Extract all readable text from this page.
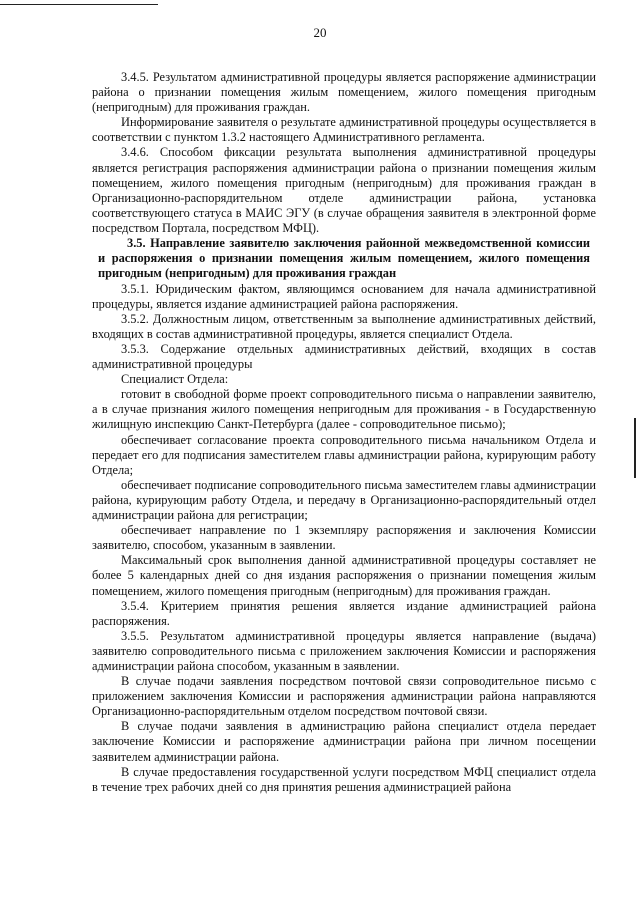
20

3.4.5. Результатом административной процедуры является распоряжение администрации района о признании помещения жилым помещением, жилого помещения пригодным (непригодным) для проживания граждан.

Информирование заявителя о результате административной процедуры осуществляется в соответствии с пунктом 1.3.2 настоящего Административного регламента.

3.4.6. Способом фиксации результата выполнения административной процедуры является регистрация распоряжения администрации района о признании помещения жилым помещением, жилого помещения пригодным (непригодным) для проживания граждан в Организационно-распорядительном отделе администрации района, установка соответствующего статуса в МАИС ЭГУ (в случае обращения заявителя в электронной форме посредством Портала, посредством МФЦ).

3.5. Направление заявителю заключения районной межведомственной комиссии и распоряжения о признании помещения жилым помещением, жилого помещения пригодным (непригодным) для проживания граждан

3.5.1. Юридическим фактом, являющимся основанием для начала административной процедуры, является издание администрацией района распоряжения.

3.5.2. Должностным лицом, ответственным за выполнение административных действий, входящих в состав административной процедуры, является специалист Отдела.

3.5.3. Содержание отдельных административных действий, входящих в состав административной процедуры

Специалист Отдела:

готовит в свободной форме проект сопроводительного письма о направлении заявителю, а в случае признания жилого помещения непригодным для проживания - в Государственную жилищную инспекцию Санкт-Петербурга (далее - сопроводительное письмо);

обеспечивает согласование проекта сопроводительного письма начальником Отдела и передает его для подписания заместителем главы администрации района, курирующим работу Отдела;

обеспечивает подписание сопроводительного письма заместителем главы администрации района, курирующим работу Отдела, и передачу в Организационно-распорядительный отдел администрации района для регистрации;

обеспечивает направление по 1 экземпляру распоряжения и заключения Комиссии заявителю, способом, указанным в заявлении.

Максимальный срок выполнения данной административной процедуры составляет не более 5 календарных дней со дня издания распоряжения о признании помещения жилым помещением, жилого помещения пригодным (непригодным) для проживания граждан.

3.5.4. Критерием принятия решения является издание администрацией района распоряжения.

3.5.5. Результатом административной процедуры является направление (выдача) заявителю сопроводительного письма с приложением заключения Комиссии и распоряжения администрации района способом, указанным в заявлении.

В случае подачи заявления посредством почтовой связи сопроводительное письмо с приложением заключения Комиссии и распоряжения администрации района направляются Организационно-распорядительным отделом посредством почтовой связи.

В случае подачи заявления в администрацию района специалист отдела передает заключение Комиссии и распоряжение администрации района при личном посещении заявителем администрации района.

В случае предоставления государственной услуги посредством МФЦ специалист отдела в течение трех рабочих дней со дня принятия решения администрацией района
